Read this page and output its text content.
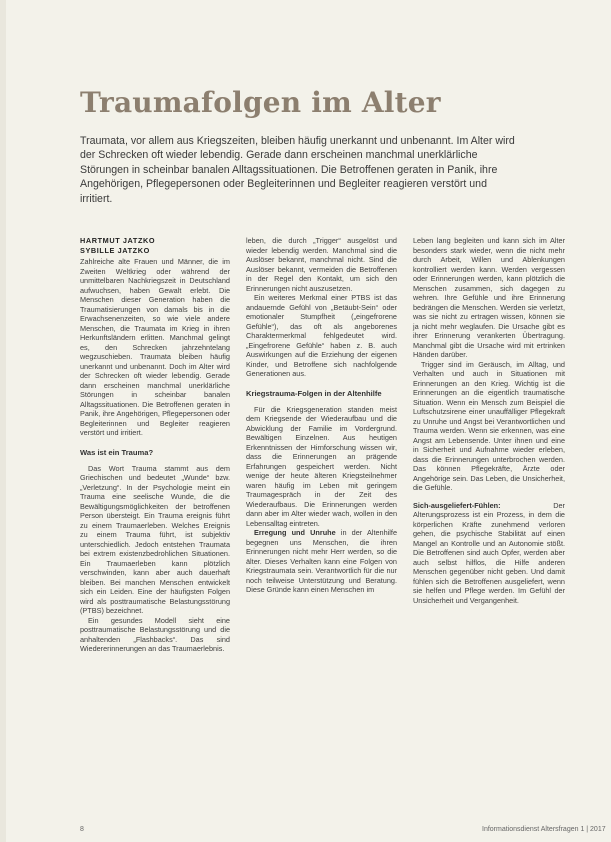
Traumafolgen im Alter

Traumata, vor allem aus Kriegszeiten, bleiben häufig unerkannt und unbenannt. Im Alter wird der Schrecken oft wieder lebendig. Gerade dann erscheinen manchmal unerklärliche Störungen in scheinbar banalen Alltagssituationen. Die Betroffenen geraten in Panik, ihre Angehörigen, Pflegepersonen oder Begleiterinnen und Begleiter reagieren verstört und irritiert.

HARTMUT JATZKO
SYBILLE JATZKO

Zahlreiche alte Frauen und Männer, die im Zweiten Weltkrieg oder während der unmittelbaren Nachkriegszeit in Deutschland aufwuchsen, haben Gewalt erlebt. Die Menschen dieser Generation haben die Traumatisierungen von damals bis in die Erwachsenenzeiten, so wie viele andere Menschen, die Traumata im Krieg in ihren Herkunftsländern erlitten. Manchmal gelingt es, den Schrecken jahrzehntelang wegzuschieben. Traumata bleiben häufig unerkannt und unbenannt. Doch im Alter wird der Schrecken oft wieder lebendig. Gerade dann erscheinen manchmal unerklärliche Störungen in scheinbar banalen Alltagssituationen. Die Betroffenen geraten in Panik, ihre Angehörigen, Pflegepersonen oder Begleiterinnen und Begleiter reagieren verstört und irritiert.

Was ist ein Trauma?

Das Wort Trauma stammt aus dem Griechischen und bedeutet „Wunde“ bzw. „Verletzung“. In der Psychologie meint ein Trauma eine seelische Wunde, die die Bewältigungsmöglichkeiten der betroffenen Person übersteigt. Ein Trauma ereignis führt zu einem Traumaerleben. Welches Ereignis zu einem Trauma führt, ist subjektiv unterschiedlich. Jedoch entstehen Traumata bei extrem existenzbedrohlichen Situationen. Ein Traumaerleben kann plötzlich verschwinden, kann aber auch dauerhaft bleiben. Bei manchen Menschen entwickelt sich ein Leiden. Eine der häufigsten Folgen wird als posttraumatische Belastungsstörung (PTBS) bezeichnet.

Ein gesundes Modell sieht eine posttraumatische Belastungsstörung und die anhaltenden „Flashbacks“. Das sind Wiedererinnerungen an das Traumaerlebnis.

leben, die durch „Trigger“ ausgelöst und wieder lebendig werden. Manchmal sind die Auslöser bekannt, manchmal nicht. Sind die Auslöser bekannt, vermeiden die Betroffenen in der Regel den Kontakt, um sich den Erinnerungen nicht auszusetzen.

Ein weiteres Merkmal einer PTBS ist das andauernde Gefühl von „Betäubt-Sein“ oder emotionaler Stumpfheit („eingefrorene Gefühle“), das oft als angeborenes Charaktermerkmal fehlgedeutet wird. „Eingefrorene Gefühle“ haben z. B. auch Auswirkungen auf die Erziehung der eigenen Kinder, und Betroffene sich nachfolgende Generationen aus.

Kriegstrauma-Folgen in der Altenhilfe

Für die Kriegsgeneration standen meist dem Kriegsende der Wiederaufbau und die Abwicklung der Familie im Vordergrund. Bewältigen Einzelnen. Aus heutigen Erkenntnissen der Hirnforschung wissen wir, dass die Erinnerungen an prägende Erfahrungen gespeichert werden. Nicht wenige der heute älteren Kriegsteilnehmer waren häufig im Leben mit geringem Traumagespräch in der Zeit des Wiederaufbaus. Die Erinnerungen werden dann aber im Alter wieder wach, wollen in den Lebensalltag eintreten.

Erregung und Unruhe in der Altenhilfe begegnen uns Menschen, die ihren Erinnerungen nicht mehr Herr werden, so die älter. Dieses Verhalten kann eine Folgen von Kriegstraumata sein. Verantwortlich für die nur noch teilweise Unterstützung und Beratung. Diese Gründe kann einen Menschen im

Leben lang begleiten und kann sich im Alter besonders stark wieder, wenn die nicht mehr durch Arbeit, Willen und Ablenkungen kontrolliert werden kann. Werden vergessen oder Erinnerungen werden, kann plötzlich die Menschen zusammen, sich dagegen zu wehren. Ihre Gefühle und ihre Erinnerung bedrängen die Menschen. Werden sie verletzt, was sie nicht zu ertragen wissen, können sie ja nicht mehr weglaufen. Die Ursache gibt es ihrer Erinnerung verankerten Übertragung. Manchmal gibt die Ursache wird mit ertrinken Händen darüber.

Trigger sind im Geräusch, im Alltag, und Verhalten und auch in Situationen mit Erinnerungen an den Krieg. Wichtig ist die Erinnerungen an die eigentlich traumatische Situation. Wenn ein Mensch zum Beispiel die Luftschutzsirene einer unauffälliger Pflegekraft zu Unruhe und Angst bei Verantwortlichen und Trauma werden. Wenn sie erkennen, was eine Angst am Lebensende. Unter ihnen und eine in Sicherheit und Aufnahme wieder erleben, dass die Erinnerungen unterbrochen werden. Das können Pflegekräfte, Ärzte oder Angehörige sein. Das Leben, die Unsicherheit, die Gefühle.

Sich-ausgeliefert-Fühlen:	Der Alterungsprozess ist ein Prozess, in dem die körperlichen Kräfte zunehmend verloren gehen, die psychische Stabilität auf einen Mangel an Kontrolle und an Autonomie stößt. Die Betroffenen sind auch Opfer, werden aber auch selbst hilflos, die Hilfe anderen Menschen gegenüber nicht geben. Und damit fühlen sich die Betroffenen ausgeliefert, wenn sie helfen und Pflege werden. Im Gefühl der Unsicherheit und Vergangenheit.

8	Informationsdienst Altersfragen 1 | 2017
